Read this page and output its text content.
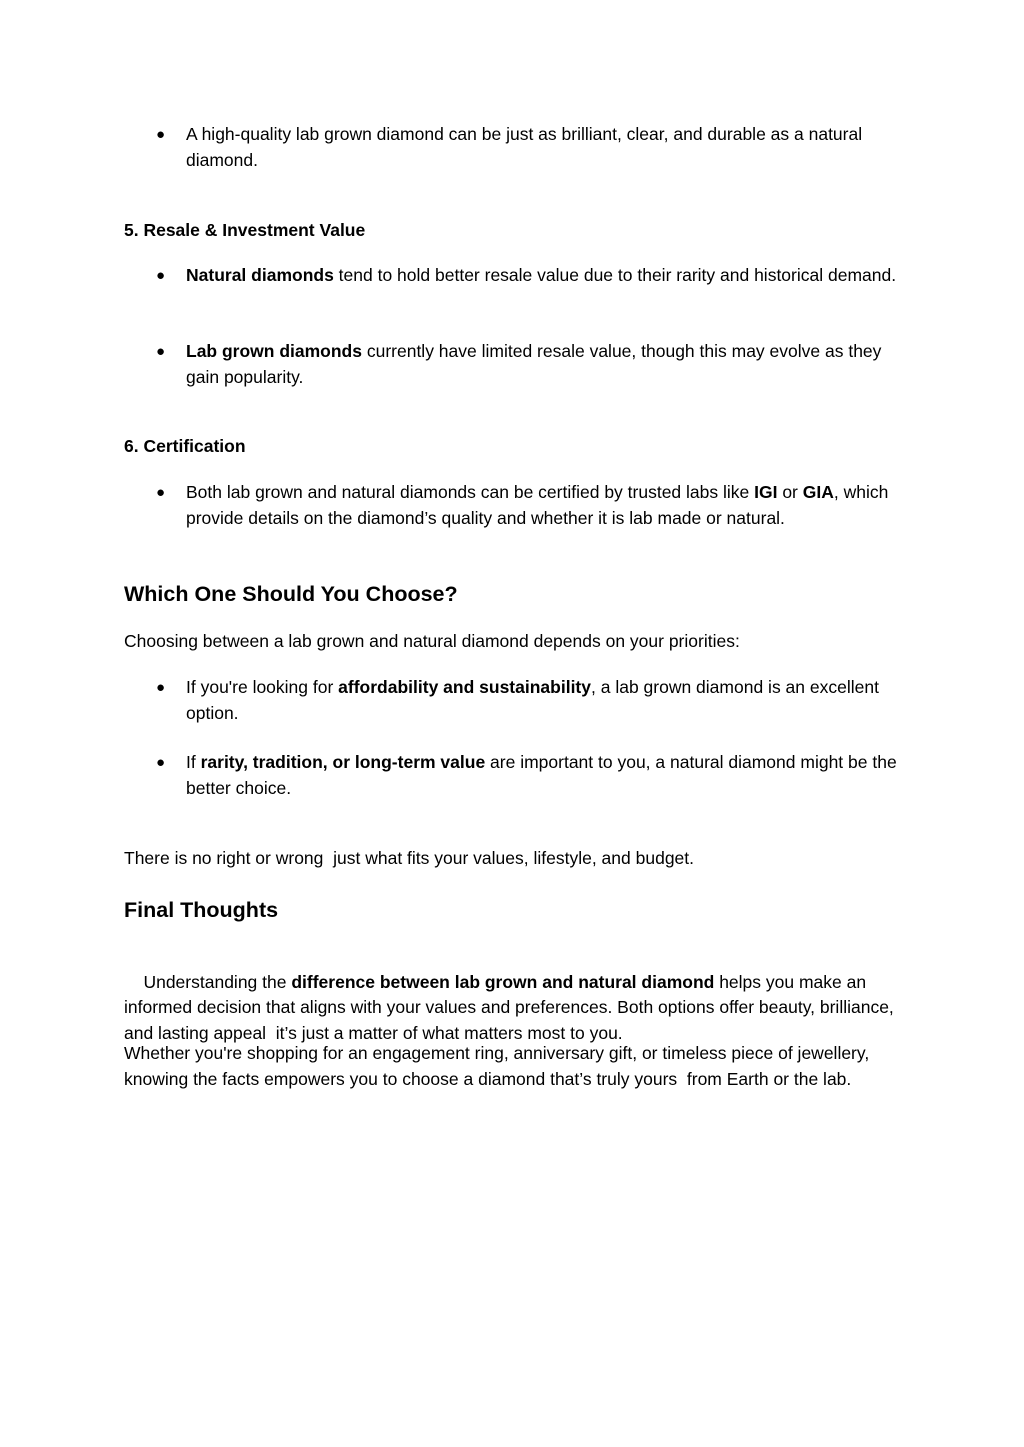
●	A high-quality lab grown diamond can be just as brilliant, clear, and durable as a natural diamond.
5. Resale & Investment Value
●	Natural diamonds tend to hold better resale value due to their rarity and historical demand.
●	Lab grown diamonds currently have limited resale value, though this may evolve as they gain popularity.
6. Certification
●	Both lab grown and natural diamonds can be certified by trusted labs like IGI or GIA, which provide details on the diamond’s quality and whether it is lab made or natural.
Which One Should You Choose?
Choosing between a lab grown and natural diamond depends on your priorities:
●	If you're looking for affordability and sustainability, a lab grown diamond is an excellent option.
●	If rarity, tradition, or long-term value are important to you, a natural diamond might be the better choice.
There is no right or wrong  just what fits your values, lifestyle, and budget.
Final Thoughts

Understanding the difference between lab grown and natural diamond helps you make an informed decision that aligns with your values and preferences. Both options offer beauty, brilliance, and lasting appeal  it’s just a matter of what matters most to you.

Whether you're shopping for an engagement ring, anniversary gift, or timeless piece of jewellery, knowing the facts empowers you to choose a diamond that’s truly yours  from Earth or the lab.
